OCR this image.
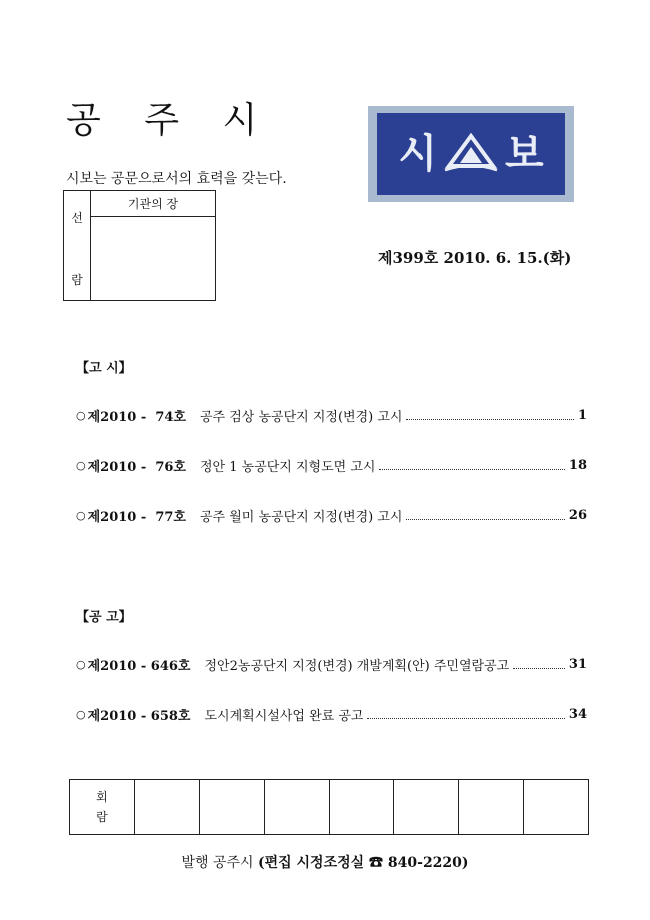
공 주 시
시 보
시보는 공문으로서의 효력을 갖는다.
선
람
기관의 장
제399호 2010. 6. 15.(화)
【고 시】
○ 제2010 -  74호 공주 검상 농공단지 지정(변경) 고시	1
○ 제2010 -  76호 정안 1 농공단지 지형도면 고시	18
○ 제2010 -  77호 공주 월미 농공단지 지정(변경) 고시	26
【공 고】
○ 제2010 - 646호 정안2농공단지 지정(변경) 개발계획(안) 주민열람공고	31
○ 제2010 - 658호 도시계획시설사업 완료 공고	34
회
람
발행 공주시 (편집 시정조정실 ☎ 840-2220)
